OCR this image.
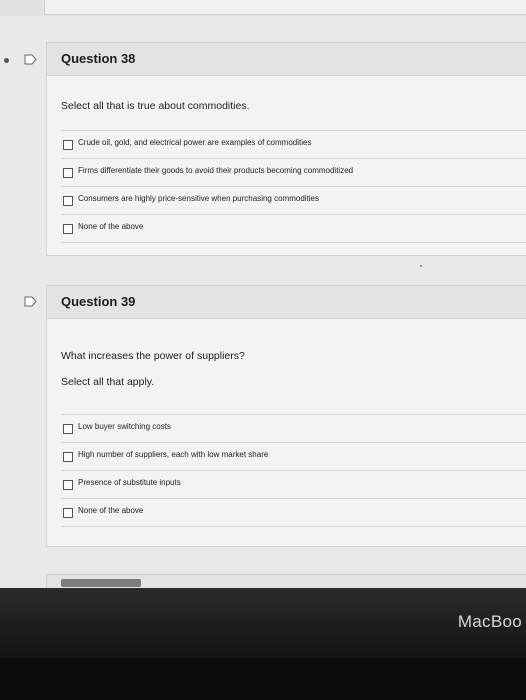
Question 38
Select all that is true about commodities.
Crude oil, gold, and electrical power are examples of commodities
Firms differentiate their goods to avoid their products becoming commoditized
Consumers are highly price-sensitive when purchasing commodities
None of the above
Question 39
What increases the power of suppliers?
Select all that apply.
Low buyer switching costs
High number of suppliers, each with low market share
Presence of substitute inputs
None of the above
MacBoo
